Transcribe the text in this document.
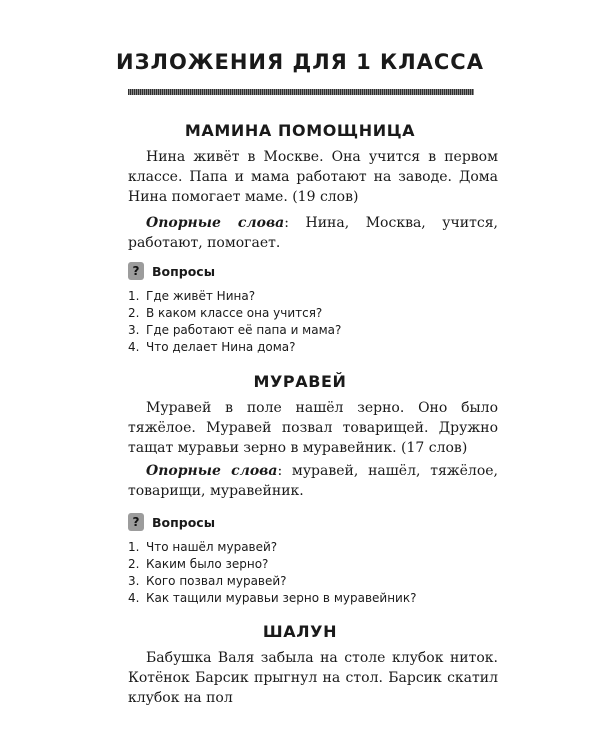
ИЗЛОЖЕНИЯ ДЛЯ 1 КЛАССА
МАМИНА ПОМОЩНИЦА

Нина живёт в Москве. Она учится в первом классе. Папа и мама работают на заводе. Дома Нина помогает маме. (19 слов)

Опорные слова: Нина, Москва, учится, работают, помогает.

?	Вопросы
1. Где живёт Нина?
2. В каком классе она учится?
3. Где работают её папа и мама?
4. Что делает Нина дома?
МУРАВЕЙ

Муравей в поле нашёл зерно. Оно было тяжёлое. Муравей позвал товарищей. Дружно тащат муравьи зерно в муравейник. (17 слов)

Опорные слова: муравей, нашёл, тяжёлое, товарищи, муравейник.

?	Вопросы
1. Что нашёл муравей?
2. Каким было зерно?
3. Кого позвал муравей?
4. Как тащили муравьи зерно в муравейник?
ШАЛУН

Бабушка Валя забыла на столе клубок ниток. Котёнок Барсик прыгнул на стол. Барсик скатил клубок на пол
